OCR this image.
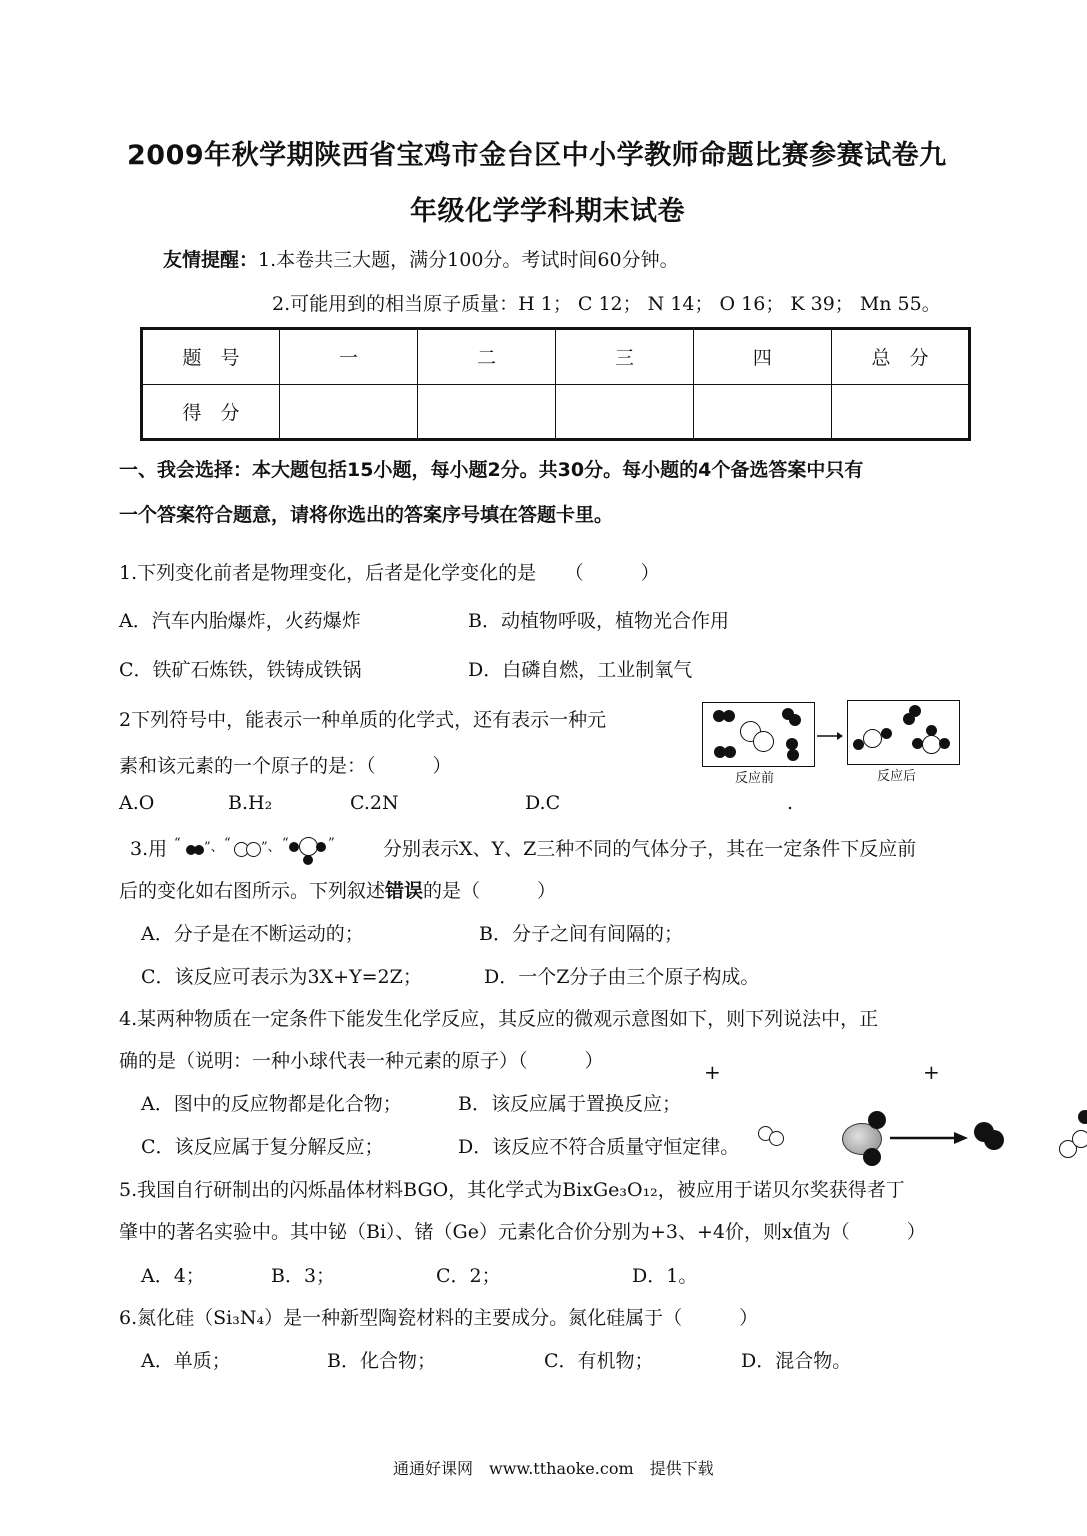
2009年秋学期陕西省宝鸡市金台区中小学教师命题比赛参赛试卷九
年级化学学科期末试卷
友情提醒：1.本卷共三大题，满分100分。考试时间60分钟。
2.可能用到的相当原子质量：H 1； C 12； N 14； O 16； K 39； Mn 55。
题　号	一	二	三	四	总　分
得　分					
一、我会选择：本大题包括15小题，每小题2分。共30分。每小题的4个备选答案中只有
一个答案符合题意，请将你选出的答案序号填在答题卡里。
1.下列变化前者是物理变化，后者是化学变化的是　　（　　　）
A．汽车内胎爆炸，火药爆炸	B．动植物呼吸，植物光合作用
C．铁矿石炼铁，铁铸成铁锅	D．白磷自燃，工业制氧气
2下列符号中，能表示一种单质的化学式，还有表示一种元
素和该元素的一个原子的是：（　　　）
A.O	B.H₂	C.2N	D.C	.
反应前	反应后
3.用 “ ”、 “ ”、 “	”	分别表示X、Y、Z三种不同的气体分子，其在一定条件下反应前
后的变化如右图所示。下列叙述错误的是（　　　）
A．分子是在不断运动的；	B．分子之间有间隔的；
C．该反应可表示为3X+Y=2Z；	D．一个Z分子由三个原子构成。
4.某两种物质在一定条件下能发生化学反应，其反应的微观示意图如下，则下列说法中，正
确的是（说明：一种小球代表一种元素的原子）（　　　）	+	+
A．图中的反应物都是化合物；	B．该反应属于置换反应；
C．该反应属于复分解反应；	D．该反应不符合质量守恒定律。
5.我国自行研制出的闪烁晶体材料BGO，其化学式为BixGe₃O₁₂，被应用于诺贝尔奖获得者丁
肇中的著名实验中。其中铋（Bi）、锗（Ge）元素化合价分别为+3、+4价，则x值为（　　　）
A．4；	B．3；	C．2；	D．1。
6.氮化硅（Si₃N₄）是一种新型陶瓷材料的主要成分。氮化硅属于（　　　）
A．单质；	B．化合物；	C．有机物；	D．混合物。
通通好课网　www.tthaoke.com　提供下载
